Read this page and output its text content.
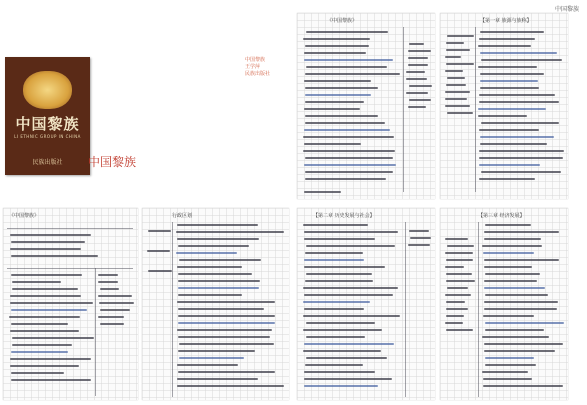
中国黎族
中国黎族
LI ETHNIC GROUP IN CHINA
民族出版社	中国黎族
中国黎族
王学萍
民族出版社
《中国黎族》	【第一章 族源与族称】
《中国黎族》	行政区划	【第二章 历史发展与社会】	【第三章 经济发展】
